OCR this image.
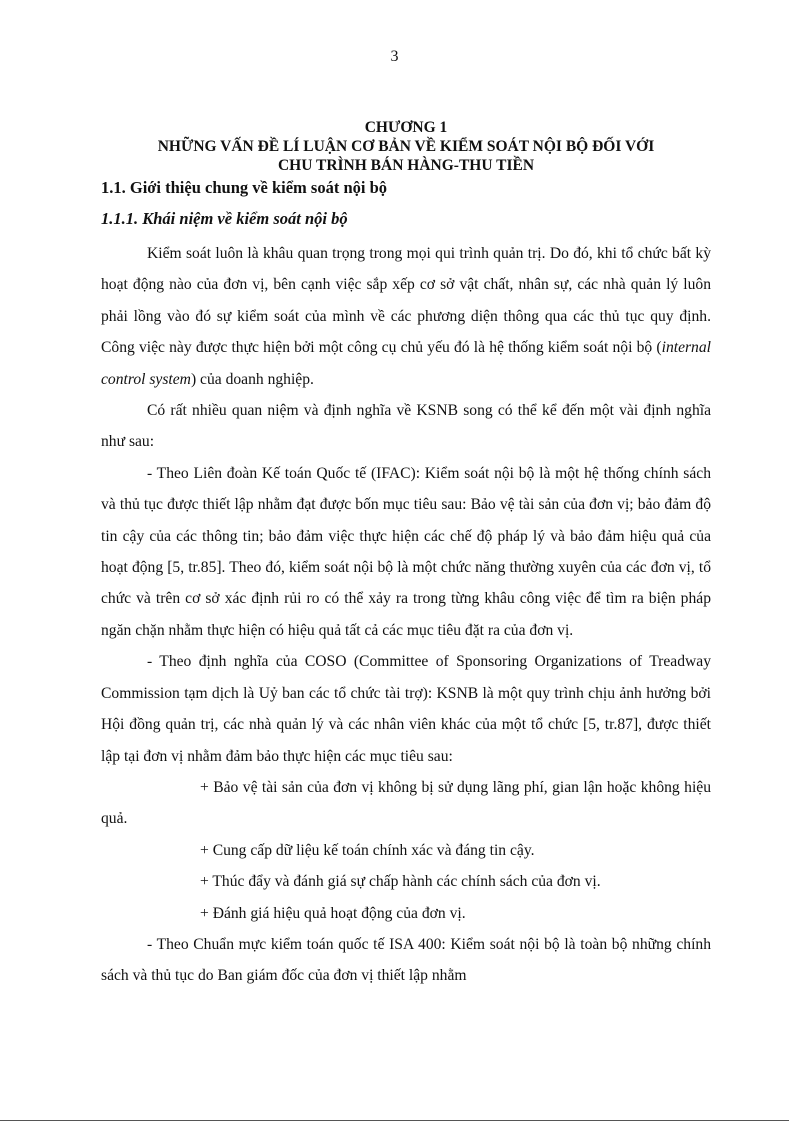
3
CHƯƠNG 1
NHỮNG VẤN ĐỀ LÍ LUẬN CƠ BẢN VỀ KIỂM SOÁT NỘI BỘ ĐỐI VỚI
CHU TRÌNH BÁN HÀNG-THU TIỀN
1.1. Giới thiệu chung về kiểm soát nội bộ
1.1.1. Khái niệm về kiểm soát nội bộ

Kiểm soát luôn là khâu quan trọng trong mọi qui trình quản trị. Do đó, khi tổ chức bất kỳ hoạt động nào của đơn vị, bên cạnh việc sắp xếp cơ sở vật chất, nhân sự, các nhà quản lý luôn phải lồng vào đó sự kiểm soát của mình về các phương diện thông qua các thủ tục quy định. Công việc này được thực hiện bởi một công cụ chủ yếu đó là hệ thống kiểm soát nội bộ (internal control system) của doanh nghiệp.

Có rất nhiều quan niệm và định nghĩa về KSNB song có thể kể đến một vài định nghĩa như sau:

- Theo Liên đoàn Kế toán Quốc tế (IFAC): Kiểm soát nội bộ là một hệ thống chính sách và thủ tục được thiết lập nhằm đạt được bốn mục tiêu sau: Bảo vệ tài sản của đơn vị; bảo đảm độ tin cậy của các thông tin; bảo đảm việc thực hiện các chế độ pháp lý và bảo đảm hiệu quả của hoạt động [5, tr.85]. Theo đó, kiểm soát nội bộ là một chức năng thường xuyên của các đơn vị, tổ chức và trên cơ sở xác định rủi ro có thể xảy ra trong từng khâu công việc để tìm ra biện pháp ngăn chặn nhằm thực hiện có hiệu quả tất cả các mục tiêu đặt ra của đơn vị.

- Theo định nghĩa của COSO (Committee of Sponsoring Organizations of Treadway Commission tạm dịch là Uỷ ban các tổ chức tài trợ): KSNB là một quy trình chịu ảnh hưởng bởi Hội đồng quản trị, các nhà quản lý và các nhân viên khác của một tổ chức [5, tr.87], được thiết lập tại đơn vị nhằm đảm bảo thực hiện các mục tiêu sau:

+ Bảo vệ tài sản của đơn vị không bị sử dụng lãng phí, gian lận hoặc không hiệu quả.

+ Cung cấp dữ liệu kế toán chính xác và đáng tin cậy.

+ Thúc đẩy và đánh giá sự chấp hành các chính sách của đơn vị.

+ Đánh giá hiệu quả hoạt động của đơn vị.

- Theo Chuẩn mực kiểm toán quốc tế ISA 400: Kiểm soát nội bộ là toàn bộ những chính sách và thủ tục do Ban giám đốc của đơn vị thiết lập nhằm
